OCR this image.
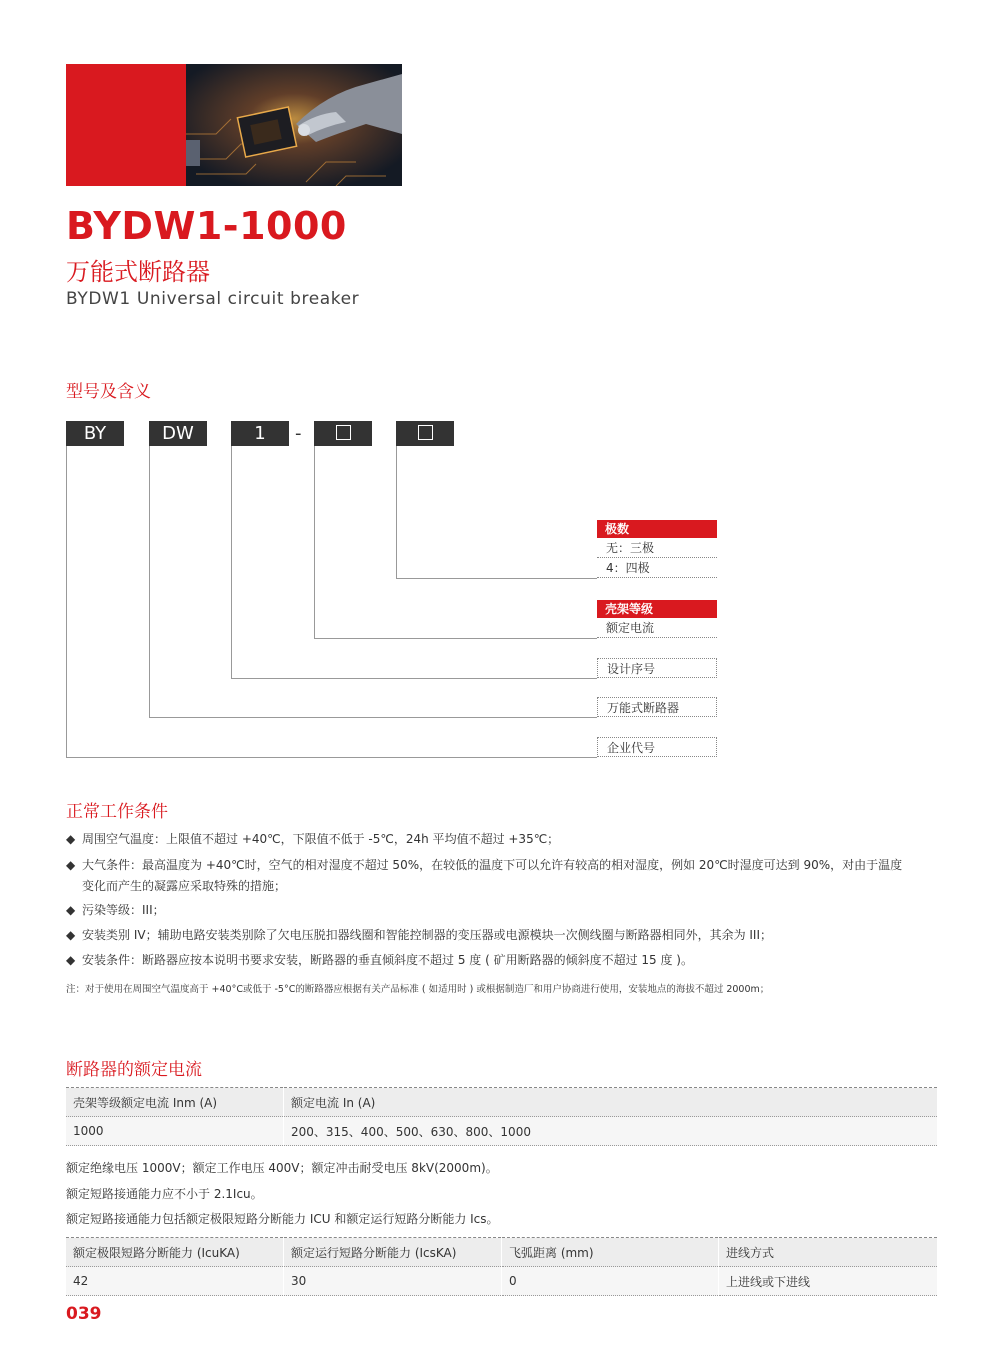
BYDW1-1000
万能式断路器
BYDW1 Universal circuit breaker
型号及含义
BY	DW	1	-
极数
无：三极
4：四极
壳架等级
额定电流
设计序号
万能式断路器
企业代号
正常工作条件
◆ 周围空气温度：上限值不超过 +40℃，下限值不低于 -5℃，24h 平均值不超过 +35℃；
◆ 大气条件：最高温度为 +40℃时，空气的相对湿度不超过 50%，在较低的温度下可以允许有较高的相对湿度，例如 20℃时湿度可达到 90%，对由于温度
变化而产生的凝露应采取特殊的措施；
◆ 污染等级：III；
◆ 安装类别 IV；辅助电路安装类别除了欠电压脱扣器线圈和智能控制器的变压器或电源模块一次侧线圈与断路器相同外，其余为 III；
◆ 安装条件：断路器应按本说明书要求安装，断路器的垂直倾斜度不超过 5 度 ( 矿用断路器的倾斜度不超过 15 度 )。
注：对于使用在周围空气温度高于 +40°C或低于 -5°C的断路器应根据有关产品标准 ( 如适用时 ) 或根据制造厂和用户协商进行使用，安装地点的海拔不超过 2000m；
断路器的额定电流
壳架等级额定电流 Inm (A)	额定电流 In (A)
1000	200、315、400、500、630、800、1000
额定绝缘电压 1000V；额定工作电压 400V；额定冲击耐受电压 8kV(2000m)。
额定短路接通能力应不小于 2.1Icu。
额定短路接通能力包括额定极限短路分断能力 ICU 和额定运行短路分断能力 Ics。
额定极限短路分断能力 (IcuKA)	额定运行短路分断能力 (IcsKA)	飞弧距离 (mm)	进线方式
42	30	0	上进线或下进线
039
